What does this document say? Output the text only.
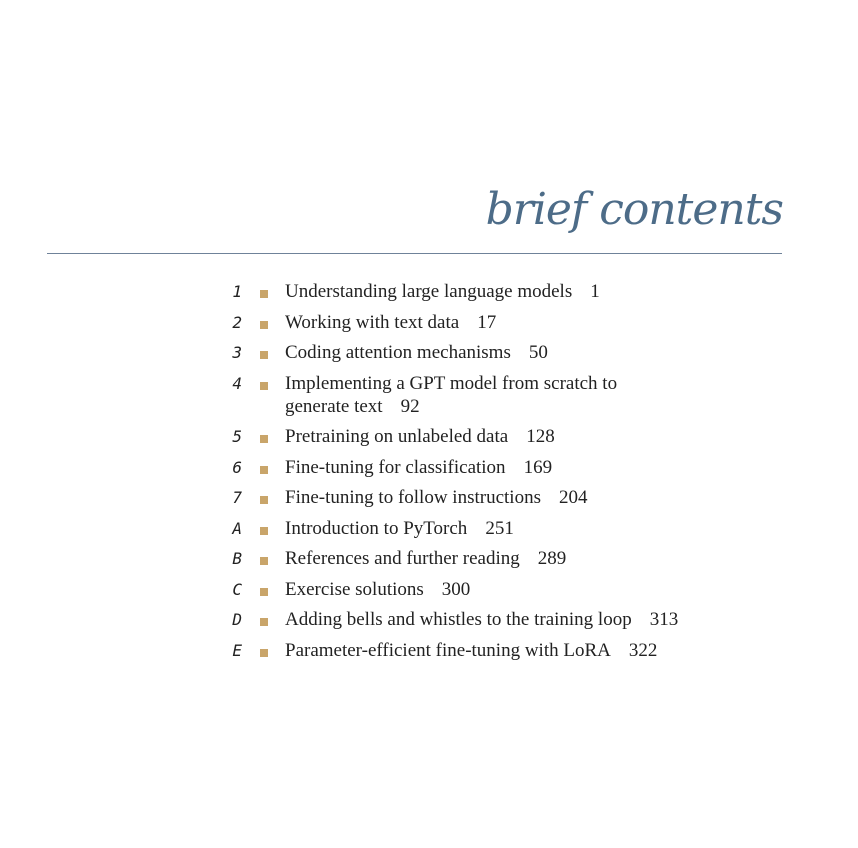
brief contents
1 Understanding large language models 1
2 Working with text data 17
3 Coding attention mechanisms 50
4 Implementing a GPT model from scratch to generate text 92
5 Pretraining on unlabeled data 128
6 Fine-tuning for classification 169
7 Fine-tuning to follow instructions 204
A Introduction to PyTorch 251
B References and further reading 289
C Exercise solutions 300
D Adding bells and whistles to the training loop 313
E Parameter-efficient fine-tuning with LoRA 322
